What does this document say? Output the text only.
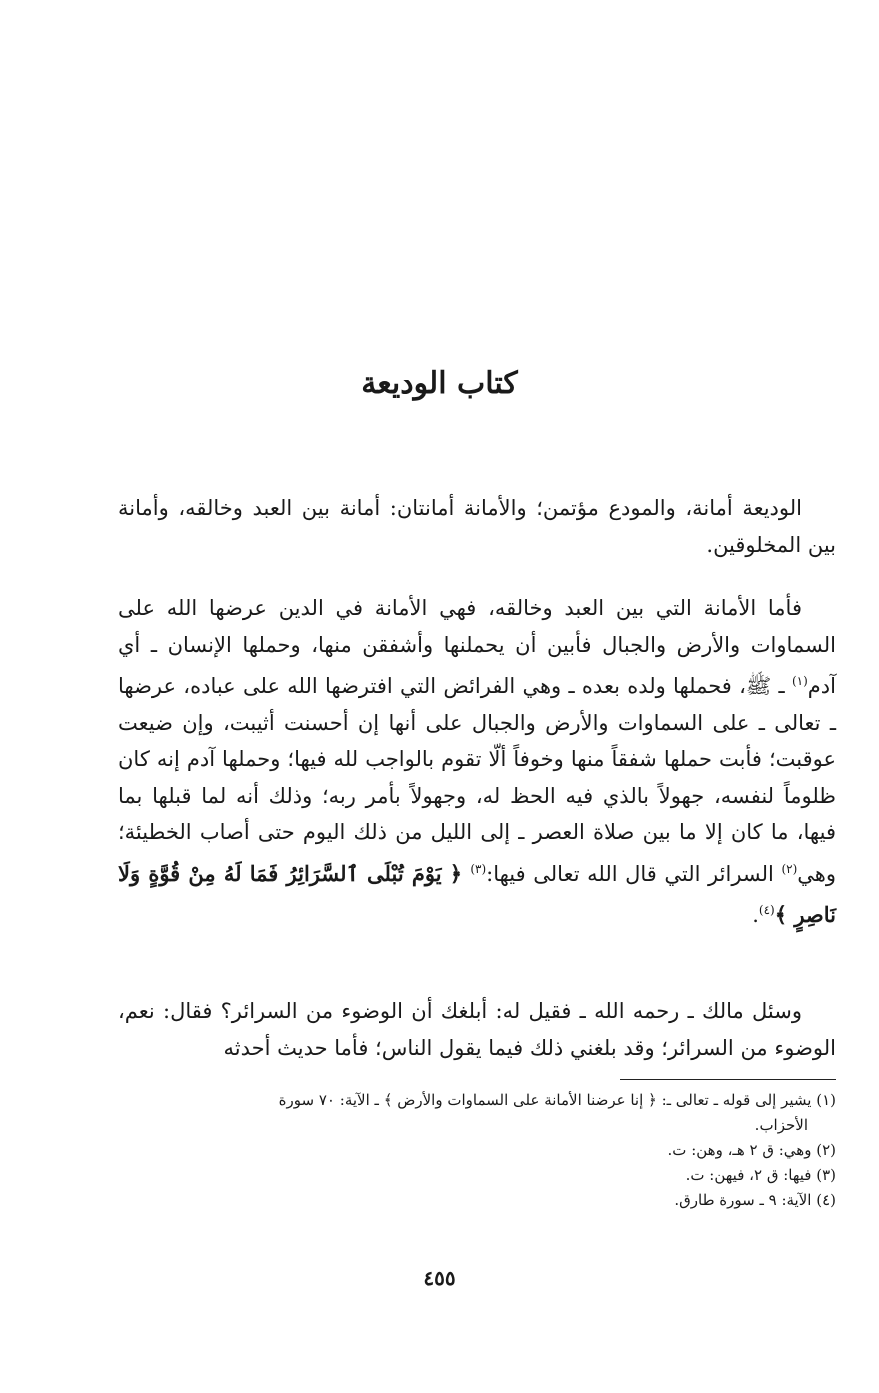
كتاب الوديعة

الوديعة أمانة، والمودع مؤتمن؛ والأمانة أمانتان: أمانة بين العبد وخالقه، وأمانة بين المخلوقين.

فأما الأمانة التي بين العبد وخالقه، فهي الأمانة في الدين عرضها الله على السماوات والأرض والجبال فأبين أن يحملنها وأشفقن منها، وحملها الإنسان ـ أي آدم$^{(١)}$ ـ ﷺ، فحملها ولده بعده ـ وهي الفرائض التي افترضها الله على عباده، عرضها ـ تعالى ـ على السماوات والأرض والجبال على أنها إن أحسنت أثيبت، وإن ضيعت عوقبت؛ فأبت حملها شفقاً منها وخوفاً ألّا تقوم بالواجب لله فيها؛ وحملها آدم إنه كان ظلوماً لنفسه، جهولاً بالذي فيه الحظ له، وجهولاً بأمر ربه؛ وذلك أنه لما قبلها بما فيها، ما كان إلا ما بين صلاة العصر ـ إلى الليل من ذلك اليوم حتى أصاب الخطيئة؛ وهي$^{(٢)}$ السرائر التي قال الله تعالى فيها:$^{(٣)}$ ﴿ يَوْمَ تُبْلَى ٱلسَّرَائِرُ فَمَا لَهُ مِنْ قُوَّةٍ وَلَا نَاصِرٍ ﴾$^{(٤)}$.

وسئل مالك ـ رحمه الله ـ فقيل له: أبلغك أن الوضوء من السرائر؟ فقال: نعم، الوضوء من السرائر؛ وقد بلغني ذلك فيما يقول الناس؛ فأما حديث أحدثه

(١) يشير إلى قوله ـ تعالى ـ: ﴿ إنا عرضنا الأمانة على السماوات والأرض ﴾ ـ الآية: ٧٠ سورة

الأحزاب.

(٢) وهي: ق ٢ هـ، وهن: ت.

(٣) فيها: ق ٢، فيهن: ت.

(٤) الآية: ٩ ـ سورة طارق.

٤٥٥
